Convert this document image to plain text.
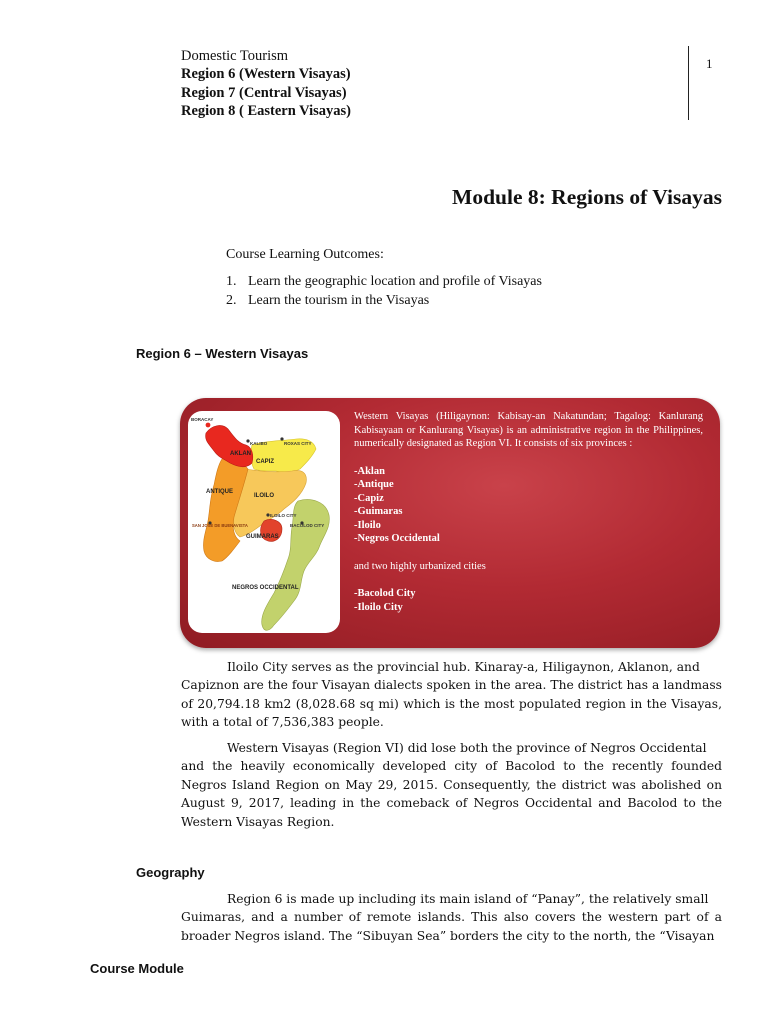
Domestic Tourism
Region 6 (Western Visayas)
Region 7 (Central Visayas)
Region 8 ( Eastern Visayas)
1
Module 8: Regions of Visayas
Course Learning Outcomes:
1. Learn the geographic location and profile of Visayas
2. Learn the tourism in the Visayas
Region 6 – Western Visayas
BORACAY
KALIBO	ROXAS CITY
AKLAN
CAPIZ
ANTIQUE
ILOILO
ILOILO CITY
BACOLOD CITY
SAN JOSE DE BUENAVISTA
GUIMARAS
NEGROS OCCIDENTAL
Western Visayas (Hiligaynon: Kabisay-an Nakatundan; Tagalog: Kanlurang Kabisayaan or Kanlurang Visayas) is an administrative region in the Philippines, numerically designated as Region VI. It consists of six provinces :
-Aklan
-Antique
-Capiz
-Guimaras
-Iloilo
-Negros Occidental
and two highly urbanized cities
-Bacolod City
-Iloilo City
Iloilo City serves as the provincial hub. Kinaray-a, Hiligaynon, Aklanon, and
Capiznon are the four Visayan dialects spoken in the area. The district has a landmass of 20,794.18 km2 (8,028.68 sq mi) which is the most populated region in the Visayas, with a total of 7,536,383 people.
Western Visayas (Region VI) did lose both the province of Negros Occidental
and the heavily economically developed city of Bacolod to the recently founded Negros Island Region on May 29, 2015. Consequently, the district was abolished on August 9, 2017, leading in the comeback of Negros Occidental and Bacolod to the Western Visayas Region.
Geography
Region 6 is made up including its main island of “Panay”, the relatively small
Guimaras, and a number of remote islands. This also covers the western part of a broader Negros island. The “Sibuyan Sea” borders the city to the north, the “Visayan
Course Module
